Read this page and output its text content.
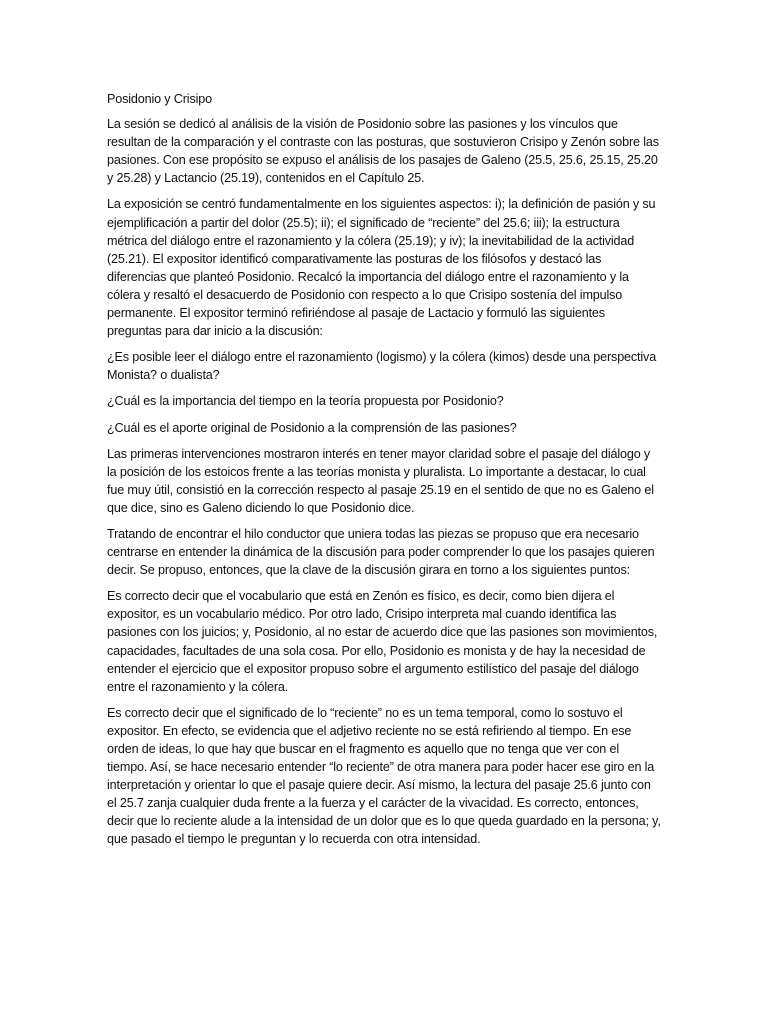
Posidonio y Crisipo

La sesión se dedicó al análisis de la visión de Posidonio sobre las pasiones y los vínculos que resultan de la comparación y el contraste con las posturas, que sostuvieron Crisipo y Zenón sobre las pasiones. Con ese propósito se expuso el análisis de los pasajes de Galeno (25.5, 25.6, 25.15, 25.20 y 25.28) y Lactancio (25.19), contenidos en el Capítulo 25.

La exposición se centró fundamentalmente en los siguientes aspectos: i); la definición de pasión y su ejemplificación a partir del dolor (25.5); ii); el significado de “reciente” del 25.6; iii); la estructura métrica del diálogo entre el razonamiento y la cólera (25.19); y iv); la inevitabilidad de la actividad (25.21). El expositor identificó comparativamente las posturas de los filósofos y destacó las diferencias que planteó Posidonio. Recalcó la importancia del diálogo entre el razonamiento y la cólera y resaltó el desacuerdo de Posidonio con respecto a lo que Crisipo sostenía del impulso permanente. El expositor terminó refiriéndose al pasaje de Lactacio y formuló las siguientes preguntas para dar inicio a la discusión:

¿Es posible leer el diálogo entre el razonamiento (logismo) y la cólera (kimos) desde una perspectiva Monista? o dualista?

¿Cuál es la importancia del tiempo en la teoría propuesta por Posidonio?

¿Cuál es el aporte original de Posidonio a la comprensión de las pasiones?

Las primeras intervenciones mostraron interés en tener mayor claridad sobre el pasaje del diálogo y la posición de los estoicos frente a las teorías monista y pluralista. Lo importante a destacar, lo cual fue muy útil, consistió en la corrección respecto al pasaje 25.19 en el sentido de que no es Galeno el que dice, sino es Galeno diciendo lo que Posidonio dice.

Tratando de encontrar el hilo conductor que uniera todas las piezas se propuso que era necesario centrarse en entender la dinámica de la discusión para poder comprender lo que los pasajes quieren decir. Se propuso, entonces, que la clave de la discusión girara en torno a los siguientes puntos:

Es correcto decir que el vocabulario que está en Zenón es físico, es decir, como bien dijera el expositor, es un vocabulario médico. Por otro lado, Crisipo interpreta mal cuando identifica las pasiones con los juicios; y, Posidonio, al no estar de acuerdo dice que las pasiones son movimientos, capacidades, facultades de una sola cosa. Por ello, Posidonio es monista y de hay la necesidad de entender el ejercicio que el expositor propuso sobre el argumento estilístico del pasaje del diálogo entre el razonamiento y la cólera.

Es correcto decir que el significado de lo “reciente” no es un tema temporal, como lo sostuvo el expositor. En efecto, se evidencia que el adjetivo reciente no se está refiriendo al tiempo. En ese orden de ideas, lo que hay que buscar en el fragmento es aquello que no tenga que ver con el tiempo. Así, se hace necesario entender “lo reciente” de otra manera para poder hacer ese giro en la interpretación y orientar lo que el pasaje quiere decir. Así mismo, la lectura del pasaje 25.6 junto con el 25.7 zanja cualquier duda frente a la fuerza y el carácter de la vivacidad. Es correcto, entonces, decir que lo reciente alude a la intensidad de un dolor que es lo que queda guardado en la persona; y, que pasado el tiempo le preguntan y lo recuerda con otra intensidad.
